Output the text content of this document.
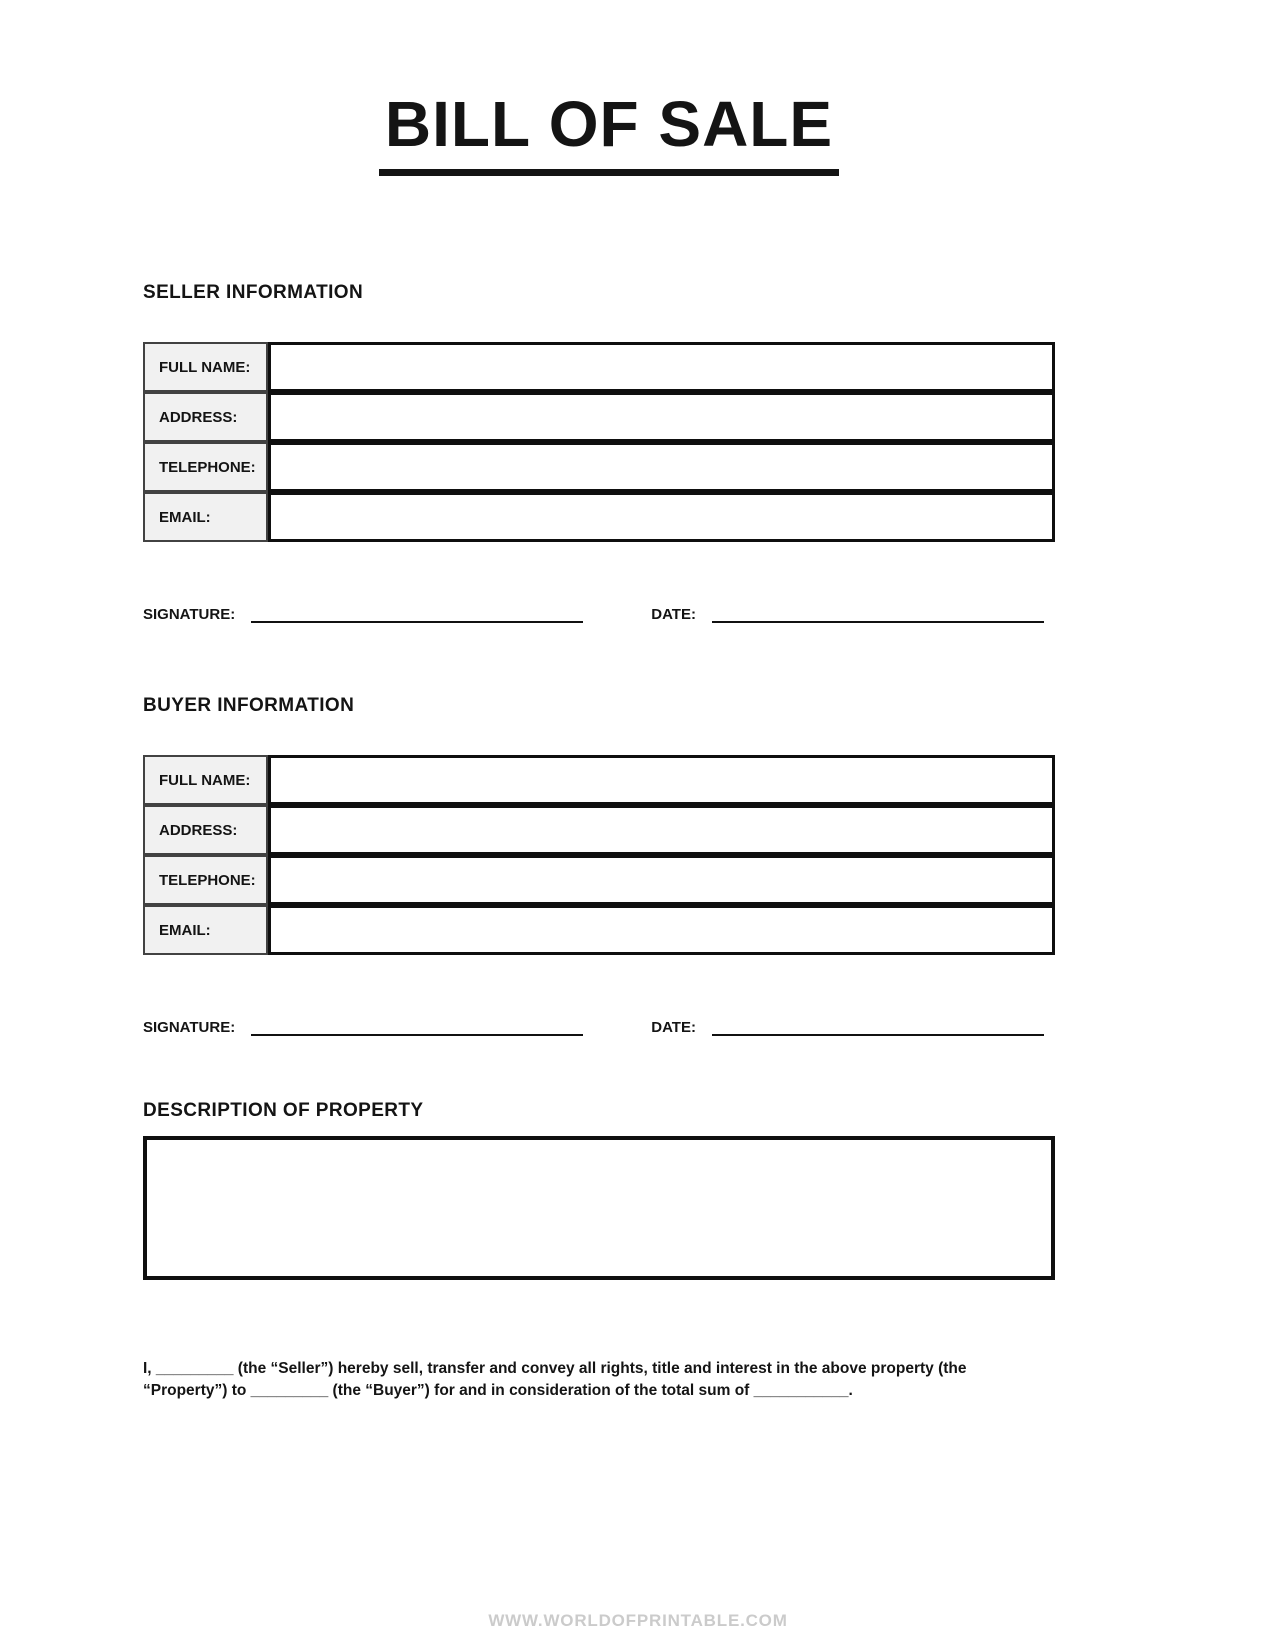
BILL OF SALE
SELLER INFORMATION
FULL NAME:
ADDRESS:
TELEPHONE:
EMAIL:
SIGNATURE:	DATE:
BUYER INFORMATION
FULL NAME:
ADDRESS:
TELEPHONE:
EMAIL:
SIGNATURE:	DATE:
DESCRIPTION OF PROPERTY

I, _________ (the “Seller”) hereby sell, transfer and convey all rights, title and interest in the above property (the “Property”) to _________ (the “Buyer”) for and in consideration of the total sum of ___________.

WWW.WORLDOFPRINTABLE.COM
